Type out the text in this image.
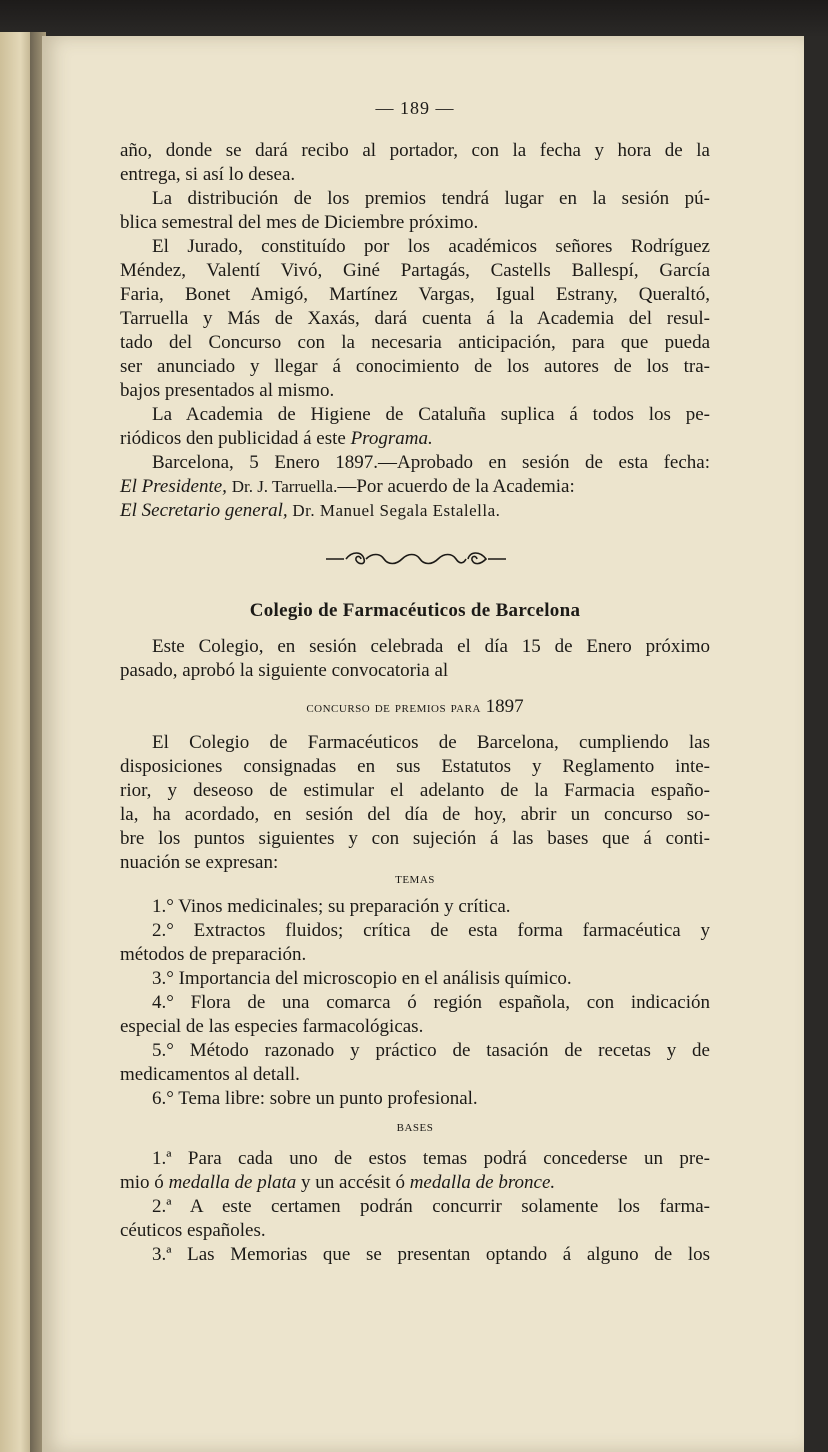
— 189 —
año, donde se dará recibo al portador, con la fecha y hora de la
entrega, si así lo desea.
La distribución de los premios tendrá lugar en la sesión pú-
blica semestral del mes de Diciembre próximo.
El Jurado, constituído por los académicos señores Rodríguez
Méndez, Valentí Vivó, Giné Partagás, Castells Ballespí, García
Faria, Bonet Amigó, Martínez Vargas, Igual Estrany, Queraltó,
Tarruella y Más de Xaxás, dará cuenta á la Academia del resul-
tado del Concurso con la necesaria anticipación, para que pueda
ser anunciado y llegar á conocimiento de los autores de los tra-
bajos presentados al mismo.
La Academia de Higiene de Cataluña suplica á todos los pe-
riódicos den publicidad á este Programa.
Barcelona, 5 Enero 1897.—Aprobado en sesión de esta fecha:
El Presidente, Dr. J. Tarruella.—Por acuerdo de la Academia:
El Secretario general, Dr. Manuel Segala Estalella.
Colegio de Farmacéuticos de Barcelona
Este Colegio, en sesión celebrada el día 15 de Enero próximo
pasado, aprobó la siguiente convocatoria al
concurso de premios para 1897
El Colegio de Farmacéuticos de Barcelona, cumpliendo las
disposiciones consignadas en sus Estatutos y Reglamento inte-
rior, y deseoso de estimular el adelanto de la Farmacia españo-
la, ha acordado, en sesión del día de hoy, abrir un concurso so-
bre los puntos siguientes y con sujeción á las bases que á conti-
nuación se expresan:
temas
1.° Vinos medicinales; su preparación y crítica.
2.° Extractos fluidos; crítica de esta forma farmacéutica y
métodos de preparación.
3.° Importancia del microscopio en el análisis químico.
4.° Flora de una comarca ó región española, con indicación
especial de las especies farmacológicas.
5.° Método razonado y práctico de tasación de recetas y de
medicamentos al detall.
6.° Tema libre: sobre un punto profesional.
bases
1.ª Para cada uno de estos temas podrá concederse un pre-
mio ó medalla de plata y un accésit ó medalla de bronce.
2.ª A este certamen podrán concurrir solamente los farma-
céuticos españoles.
3.ª Las Memorias que se presentan optando á alguno de los
